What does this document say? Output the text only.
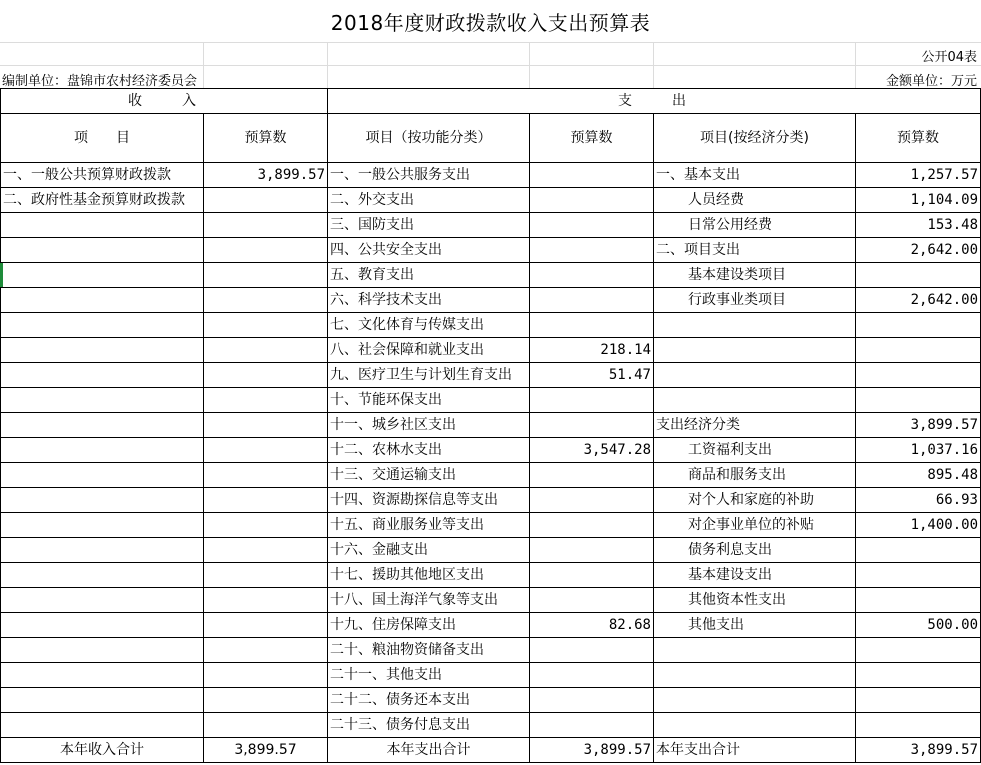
2018年度财政拨款收入支出预算表
公开04表
编制单位：盘锦市农村经济委员会	金额单位：万元
收　　入		支　　出			
项　　目	预算数	项目（按功能分类）	预算数	项目(按经济分类)	预算数
一、一般公共预算财政拨款	3,899.57	一、一般公共服务支出		一、基本支出	1,257.57
二、政府性基金预算财政拨款		二、外交支出		人员经费	1,104.09
		三、国防支出		日常公用经费	153.48
		四、公共安全支出		二、项目支出	2,642.00
		五、教育支出		基本建设类项目	
		六、科学技术支出		行政事业类项目	2,642.00
		七、文化体育与传媒支出			
		八、社会保障和就业支出	218.14		
		九、医疗卫生与计划生育支出	51.47		
		十、节能环保支出			
		十一、城乡社区支出		支出经济分类	3,899.57
		十二、农林水支出	3,547.28	工资福利支出	1,037.16
		十三、交通运输支出		商品和服务支出	895.48
		十四、资源勘探信息等支出		对个人和家庭的补助	66.93
		十五、商业服务业等支出		对企事业单位的补贴	1,400.00
		十六、金融支出		债务利息支出	
		十七、援助其他地区支出		基本建设支出	
		十八、国土海洋气象等支出		其他资本性支出	
		十九、住房保障支出	82.68	其他支出	500.00
		二十、粮油物资储备支出			
		二十一、其他支出			
		二十二、债务还本支出			
		二十三、债务付息支出			
本年收入合计	3,899.57	本年支出合计	3,899.57	本年支出合计	3,899.57
